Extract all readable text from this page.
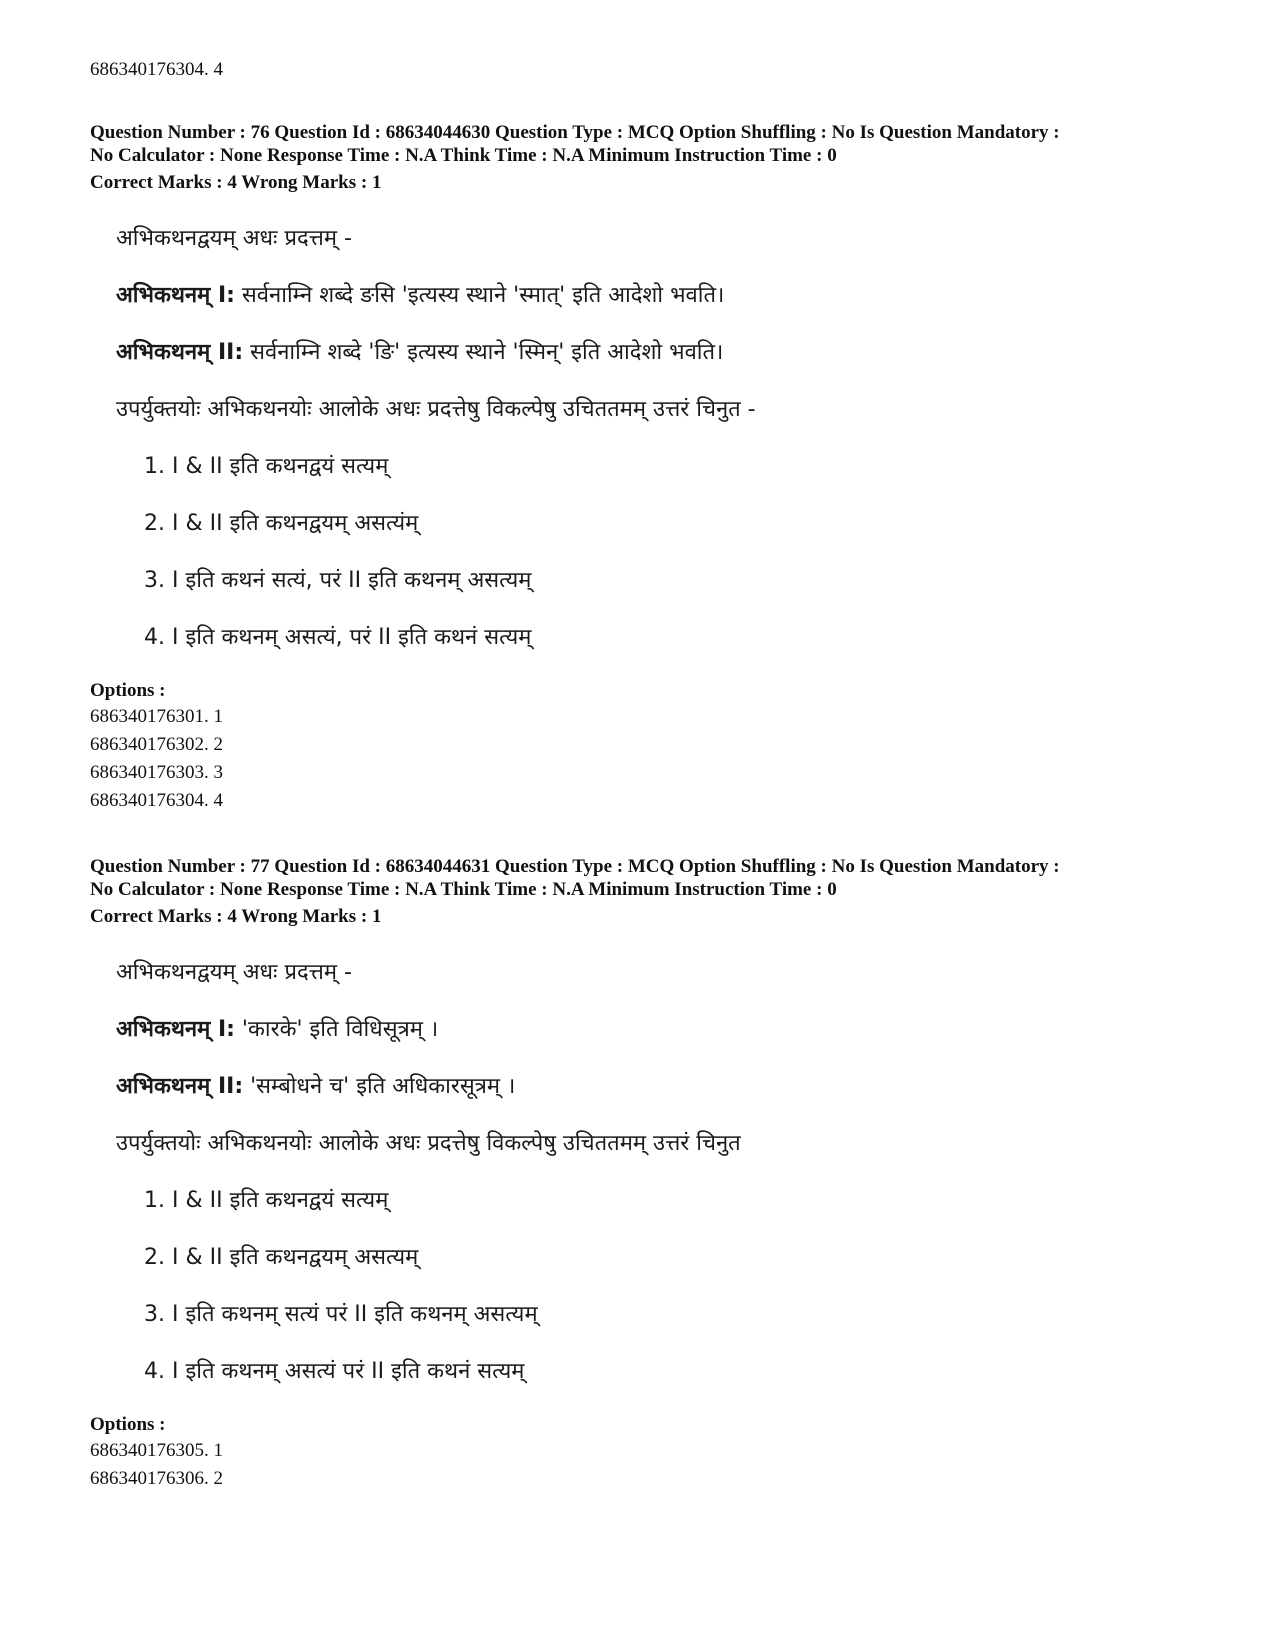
686340176304. 4
Question Number : 76 Question Id : 68634044630 Question Type : MCQ Option Shuffling : No Is Question Mandatory :
No Calculator : None Response Time : N.A Think Time : N.A Minimum Instruction Time : 0
Correct Marks : 4 Wrong Marks : 1
अभिकथनद्वयम् अधः प्रदत्तम् -
अभिकथनम् I: सर्वनाम्नि शब्दे ङसि 'इत्यस्य स्थाने 'स्मात्' इति आदेशो भवति।
अभिकथनम् II: सर्वनाम्नि शब्दे 'ङि' इत्यस्य स्थाने 'स्मिन्' इति आदेशो भवति।
उपर्युक्तयोः अभिकथनयोः आलोके अधः प्रदत्तेषु विकल्पेषु उचिततमम् उत्तरं चिनुत -
1. I & II इति कथनद्वयं सत्यम्
2. I & II इति कथनद्वयम् असत्यंम्
3. I इति कथनं सत्यं, परं II इति कथनम् असत्यम्
4. I इति कथनम् असत्यं, परं II इति कथनं सत्यम्
Options :
686340176301. 1
686340176302. 2
686340176303. 3
686340176304. 4
Question Number : 77 Question Id : 68634044631 Question Type : MCQ Option Shuffling : No Is Question Mandatory :
No Calculator : None Response Time : N.A Think Time : N.A Minimum Instruction Time : 0
Correct Marks : 4 Wrong Marks : 1
अभिकथनद्वयम् अधः प्रदत्तम् -
अभिकथनम् I: 'कारके' इति विधिसूत्रम् ।
अभिकथनम् II: 'सम्बोधने च' इति अधिकारसूत्रम् ।
उपर्युक्तयोः अभिकथनयोः आलोके अधः प्रदत्तेषु विकल्पेषु उचिततमम् उत्तरं चिनुत
1. I & II इति कथनद्वयं सत्यम्
2. I & II इति कथनद्वयम् असत्यम्
3. I इति कथनम् सत्यं परं II इति कथनम् असत्यम्
4. I इति कथनम् असत्यं परं II इति कथनं सत्यम्
Options :
686340176305. 1
686340176306. 2
